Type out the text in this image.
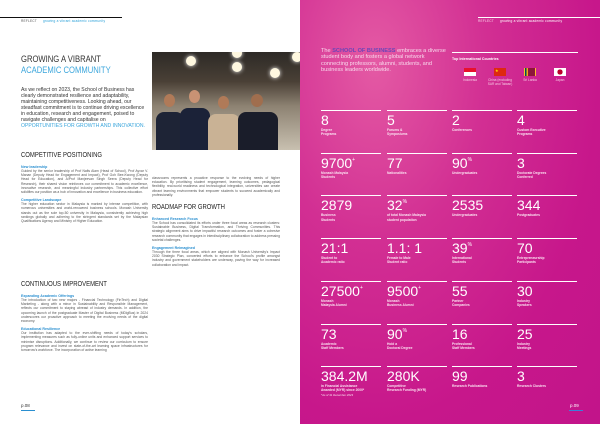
REFLECT growing a vibrant academic community
GROWING A VIBRANT
ACADEMIC COMMUNITY
As we reflect on 2023, the School of Business has clearly demonstrated resilience and adaptability, maintaining competitiveness. Looking ahead, our steadfast commitment is to continue driving excellence in education, research and engagement, poised to navigate challenges and capitalise on OPPORTUNITIES FOR GROWTH AND INNOVATION.
COMPETITIVE POSITIONING
New leadership
Guided by the senior leadership of Prof Nafis Alam (Head of School), Prof Ayvar V. Manan (Deputy Head for Engagement and Impact), Prof Goh Bee-Kwong (Deputy Head for Education), and A/Prof Manjeevan Singh Seera (Deputy Head for Research), their shared vision reinforces our commitment to academic excellence, innovative research, and meaningful industry partnerships. This collective effort solidifies our position as a hub of innovation and excellence in business education.
Competitive Landscape
The higher education sector in Malaysia is marked by intense competition, with numerous universities and world-renowned business schools. Monash University stands out as the sole top-50 university in Malaysia, consistently achieving high rankings globally and adhering to the stringent standards set by the Malaysian Qualifications Agency and Ministry of Higher Education.
CONTINUOUS IMPROVEMENT
Expanding Academic Offerings
The introduction of two new majors - Financial Technology (FinTech) and Digital Marketing - along with a minor in Sustainability and Responsible Management, reflects our commitment to staying abreast of industry demands. In addition, the upcoming launch of the postgraduate Master of Digital Business (MDigBus) in 2024 underscores our proactive approach to meeting the evolving needs of the digital economy.
Educational Resilience
Our institution has adapted to the ever-shifting needs of today's scholars, implementing measures such as fully-online units and enhanced support services to minimise disruptions. Additionally, we continue to review our curriculum to ensure program relevance and invest on state-of-the-art learning space infrastructures for tomorrow's workforce. The incorporation of active learning
classrooms represents a proactive response to the evolving needs of higher education. By prioritising student engagement, learning outcomes, pedagogical flexibility, real-world readiness and technological integration, universities can create vibrant learning environments that empower students to succeed academically and professionally.
ROADMAP FOR GROWTH
Enhanced Research Focus
The School has consolidated its efforts under three focal areas as research clusters: Sustainable Business, Digital Transformation, and Thriving Communities. This strategic alignment aims to drive impactful research outcomes and foster a cohesive research community that engages in interdisciplinary collaboration to address pressing societal challenges.
Engagement Reimagined
Through the three focal areas, which are aligned with Monash University's Impact 2030 Strategic Plan, concerted efforts to enhance the School's profile amongst industry and government stakeholders are underway, paving the way for increased collaboration and impact.
p.08
REFLECT growing a vibrant academic community
The SCHOOL OF BUSINESS embraces a diverse student body and fosters a global network connecting professors, alumni, students, and business leaders worldwide.
Top International Countries
Indonesia
★
China (excluding SAR and Taiwan)
Sri Lanka	Japan
8
Degree
Programs
5
Forums &
Symposiums
2
Conferences
4
Custom Executive
Programs
9700+
Monash Malaysia
Students
77
Nationalities
90%
Undergraduates
3
Doctorate Degrees
Conferred
2879
Business
Students
32%
of total Monash Malaysia
student population
2535
Undergraduates
344
Postgraduates
21:1
Student to
Academic ratio
1.1: 1
Female to Male
Student ratio
39%
International
Students
70
Entrepreneurship
Participants
27500+
Monash
Malaysia Alumni
9500+
Monash
Business Alumni
55
Partner
Companies
30
Industry
Speakers
73
Academic
Staff Members
90%
Hold a
Doctoral Degree
16
Professional
Staff Members
25
Industry
Meetings
384.2M
in Financial Assistance
Awarded (MYR) since 2000*
*As of 31 December 2023
280K
Competitive
Research Funding (MYR)
99
Research Publications
3
Research Clusters
p.09
